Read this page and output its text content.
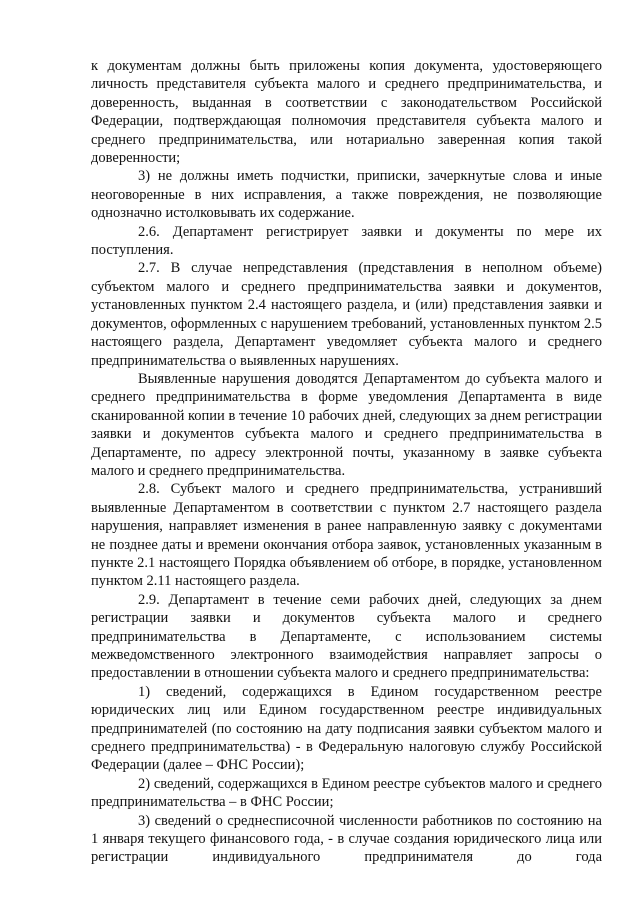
к документам должны быть приложены копия документа, удостоверяющего личность представителя субъекта малого и среднего предпринимательства, и доверенность, выданная в соответствии с законодательством Российской Федерации, подтверждающая полномочия представителя субъекта малого и среднего предпринимательства, или нотариально заверенная копия такой доверенности;

3) не должны иметь подчистки, приписки, зачеркнутые слова и иные неоговоренные в них исправления, а также повреждения, не позволяющие однозначно истолковывать их содержание.

2.6. Департамент регистрирует заявки и документы по мере их поступления.

2.7. В случае непредставления (представления в неполном объеме) субъектом малого и среднего предпринимательства заявки и документов, установленных пунктом 2.4 настоящего раздела, и (или) представления заявки и документов, оформленных с нарушением требований, установленных пунктом 2.5 настоящего раздела, Департамент уведомляет субъекта малого и среднего предпринимательства о выявленных нарушениях.

Выявленные нарушения доводятся Департаментом до субъекта малого и среднего предпринимательства в форме уведомления Департамента в виде сканированной копии в течение 10 рабочих дней, следующих за днем регистрации заявки и документов субъекта малого и среднего предпринимательства в Департаменте, по адресу электронной почты, указанному в заявке субъекта малого и среднего предпринимательства.

2.8. Субъект малого и среднего предпринимательства, устранивший выявленные Департаментом в соответствии с пунктом 2.7 настоящего раздела нарушения, направляет изменения в ранее направленную заявку с документами не позднее даты и времени окончания отбора заявок, установленных указанным в пункте 2.1 настоящего Порядка объявлением об отборе, в порядке, установленном пунктом 2.11 настоящего раздела.

2.9. Департамент в течение семи рабочих дней, следующих за днем регистрации заявки и документов субъекта малого и среднего предпринимательства в Департаменте, с использованием системы межведомственного электронного взаимодействия направляет запросы о предоставлении в отношении субъекта малого и среднего предпринимательства:

1) сведений, содержащихся в Едином государственном реестре юридических лиц или Едином государственном реестре индивидуальных предпринимателей (по состоянию на дату подписания заявки субъектом малого и среднего предпринимательства) - в Федеральную налоговую службу Российской Федерации (далее – ФНС России);

2) сведений, содержащихся в Едином реестре субъектов малого и среднего предпринимательства – в ФНС России;

3) сведений о среднесписочной численности работников по состоянию на 1 января текущего финансового года, - в случае создания юридического лица или регистрации индивидуального предпринимателя до года
